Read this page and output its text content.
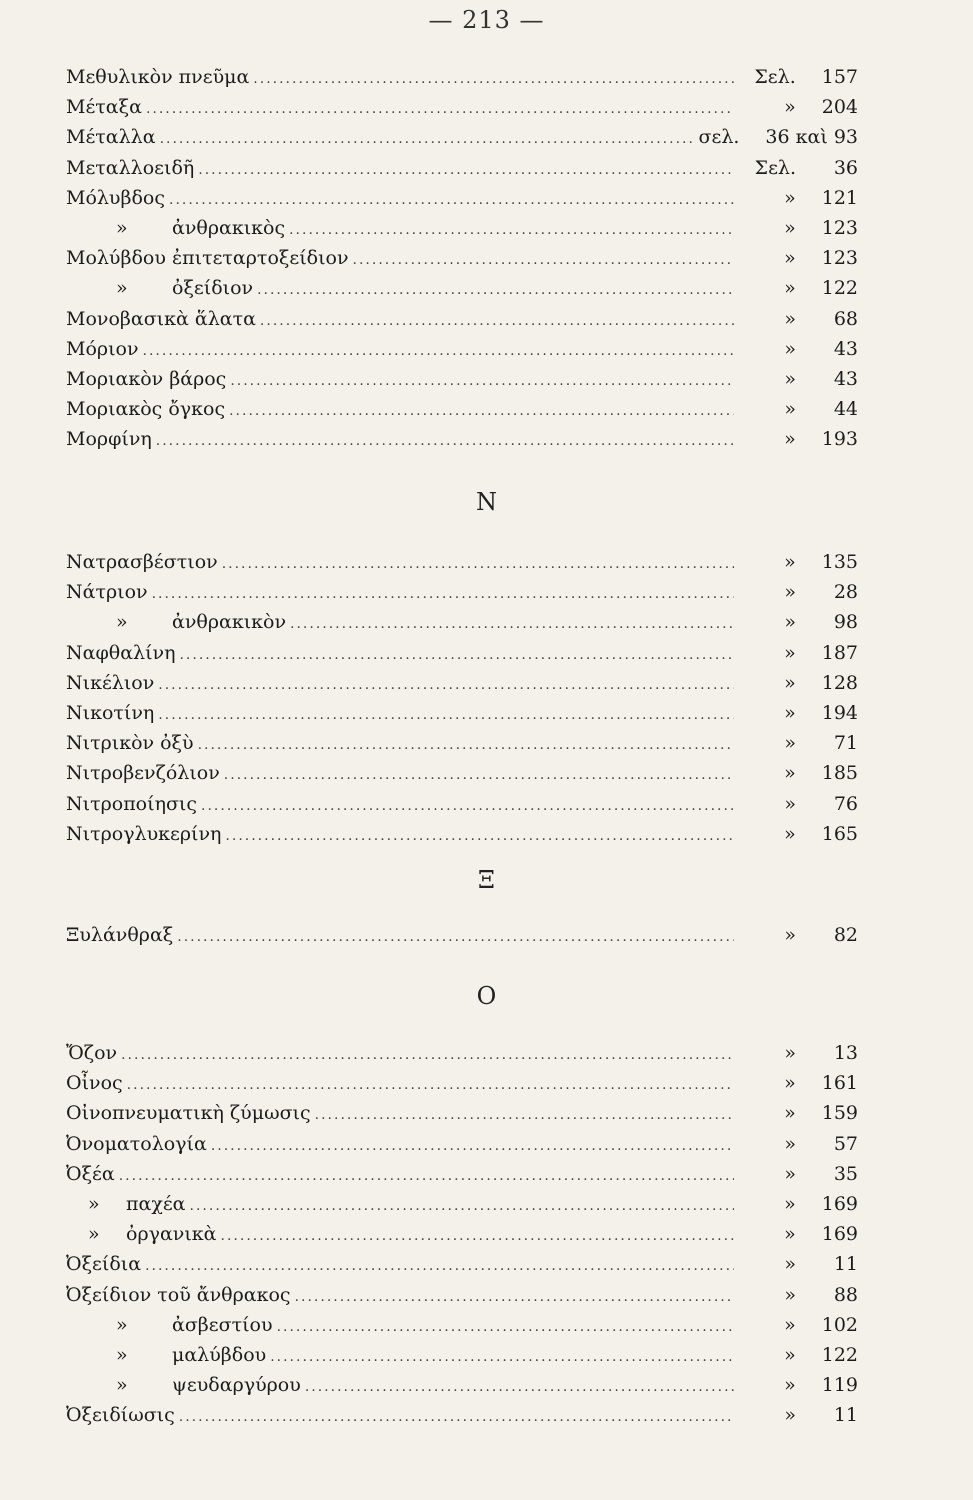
— 213 —
Μεθυλικὸν πνεῦμα .....	Σελ. 157
Μέταξα .....	» 204
Μέταλλα .....	σελ. 36 καὶ 93
Μεταλλοειδῆ .....	Σελ. 36
Μόλυβδος .....	» 121
» ἀνθρακικὸς .....	» 123
Μολύβδου ἐπιτεταρτοξείδιον .....	» 123
» ὀξείδιον .....	» 122
Μονοβασικὰ ἅλατα .....	» 68
Μόριον .....	» 43
Μοριακὸν βάρος .....	» 43
Μοριακὸς ὄγκος .....	» 44
Μορφίνη .....	» 193
Ν
Νατρασβέστιον .....	» 135
Νάτριον .....	» 28
» ἀνθρακικὸν .....	» 98
Ναφθαλίνη .....	» 187
Νικέλιον .....	» 128
Νικοτίνη .....	» 194
Νιτρικὸν ὀξὺ .....	» 71
Νιτροβενζόλιον .....	» 185
Νιτροποίησις .....	» 76
Νιτρογλυκερίνη .....	» 165
Ξ
Ξυλάνθραξ .....	» 82
Ο
Ὄζον .....	» 13
Οἶνος .....	» 161
Οἰνοπνευματικὴ ζύμωσις .....	» 159
Ὀνοματολογία .....	» 57
Ὀξέα .....	» 35
» παχέα .....	» 169
» ὀργανικὰ .....	» 169
Ὀξείδια .....	» 11
Ὀξείδιον τοῦ ἄνθρακος .....	» 88
» ἀσβεστίου .....	» 102
» μαλύβδου .....	» 122
» ψευδαργύρου .....	» 119
Ὀξειδίωσις .....	» 11
